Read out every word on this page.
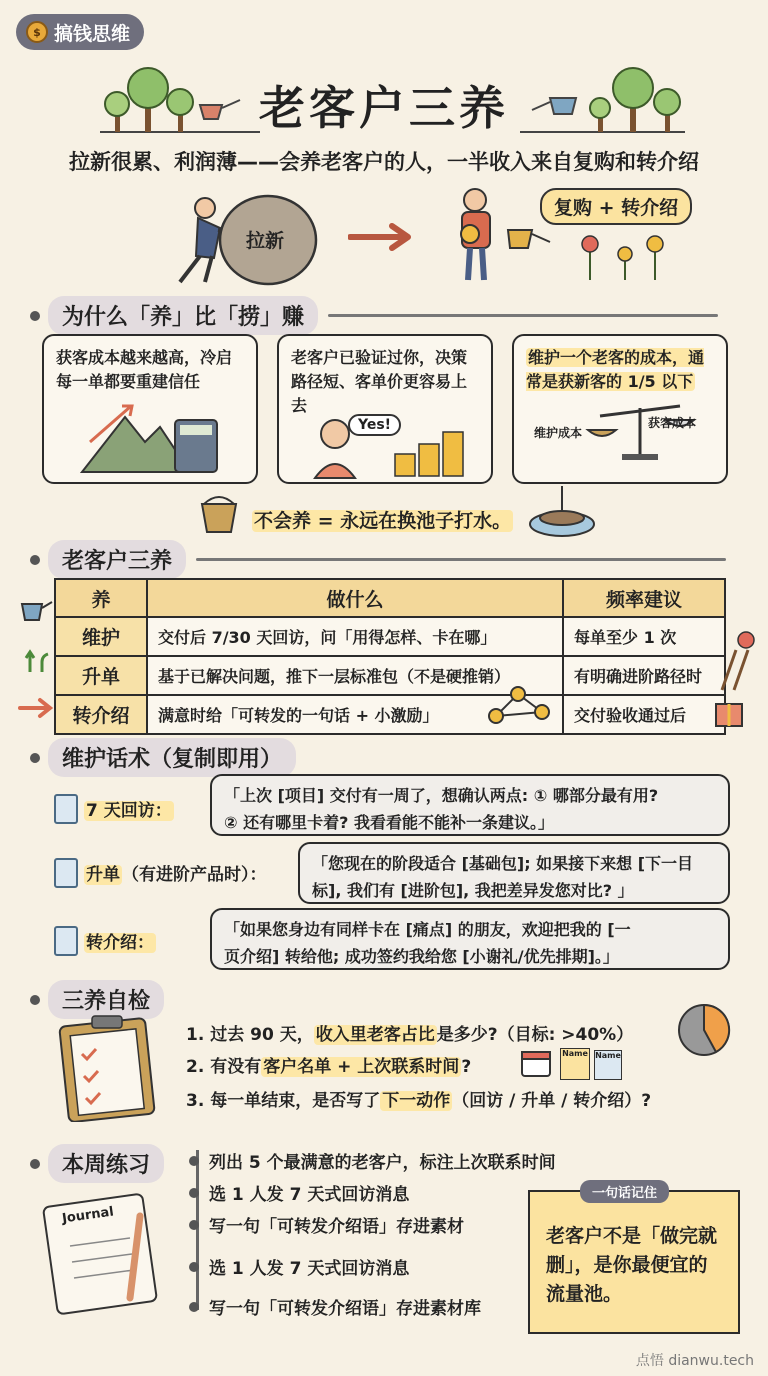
$ 搞钱思维
老客户三养
拉新很累、利润薄——会养老客户的人，一半收入来自复购和转介绍
拉新
复购 + 转介绍
为什么「养」比「捞」赚
获客成本越来越高，冷启每一单都要重建信任
老客户已验证过你，决策路径短、客单价更容易上去
Yes!
维护一个老客的成本，通常是获新客的 1/5 以下
维护成本
获客成本
不会养 = 永远在换池子打水。
老客户三养
养	做什么	频率建议
维护	交付后 7/30 天回访，问「用得怎样、卡在哪」	每单至少 1 次
升单	基于已解决问题，推下一层标准包（不是硬推销）	有明确进阶路径时
转介绍	满意时给「可转发的一句话 + 小激励」	交付验收通过后
维护话术（复制即用）
7 天回访：
「上次 [项目] 交付有一周了，想确认两点: ① 哪部分最有用?
② 还有哪里卡着? 我看看能不能补一条建议。」
升单 （有进阶产品时）：
「您现在的阶段适合 [基础包]; 如果接下来想 [下一目
标], 我们有 [进阶包], 我把差异发您对比? 」
转介绍：
「如果您身边有同样卡在 [痛点] 的朋友，欢迎把我的 [一
页介绍] 转给他; 成功签约我给您 [小谢礼/优先排期]。」
三养自检
1. 过去 90 天， 收入里老客占比 是多少?（目标: >40%）
2. 有没有 客户名单 + 上次联系时间 ?
3. 每一单结束，是否写了 下一动作 （回访 / 升单 / 转介绍）?
Name Name
本周练习
Journal
列出 5 个最满意的老客户，标注上次联系时间
选 1 人发 7 天式回访消息
写一句「可转发介绍语」存进素材
选 1 人发 7 天式回访消息
写一句「可转发介绍语」存进素材库
一句话记住
老客户不是「做完就删」，是你最便宜的流量池。
点悟 dianwu.tech
